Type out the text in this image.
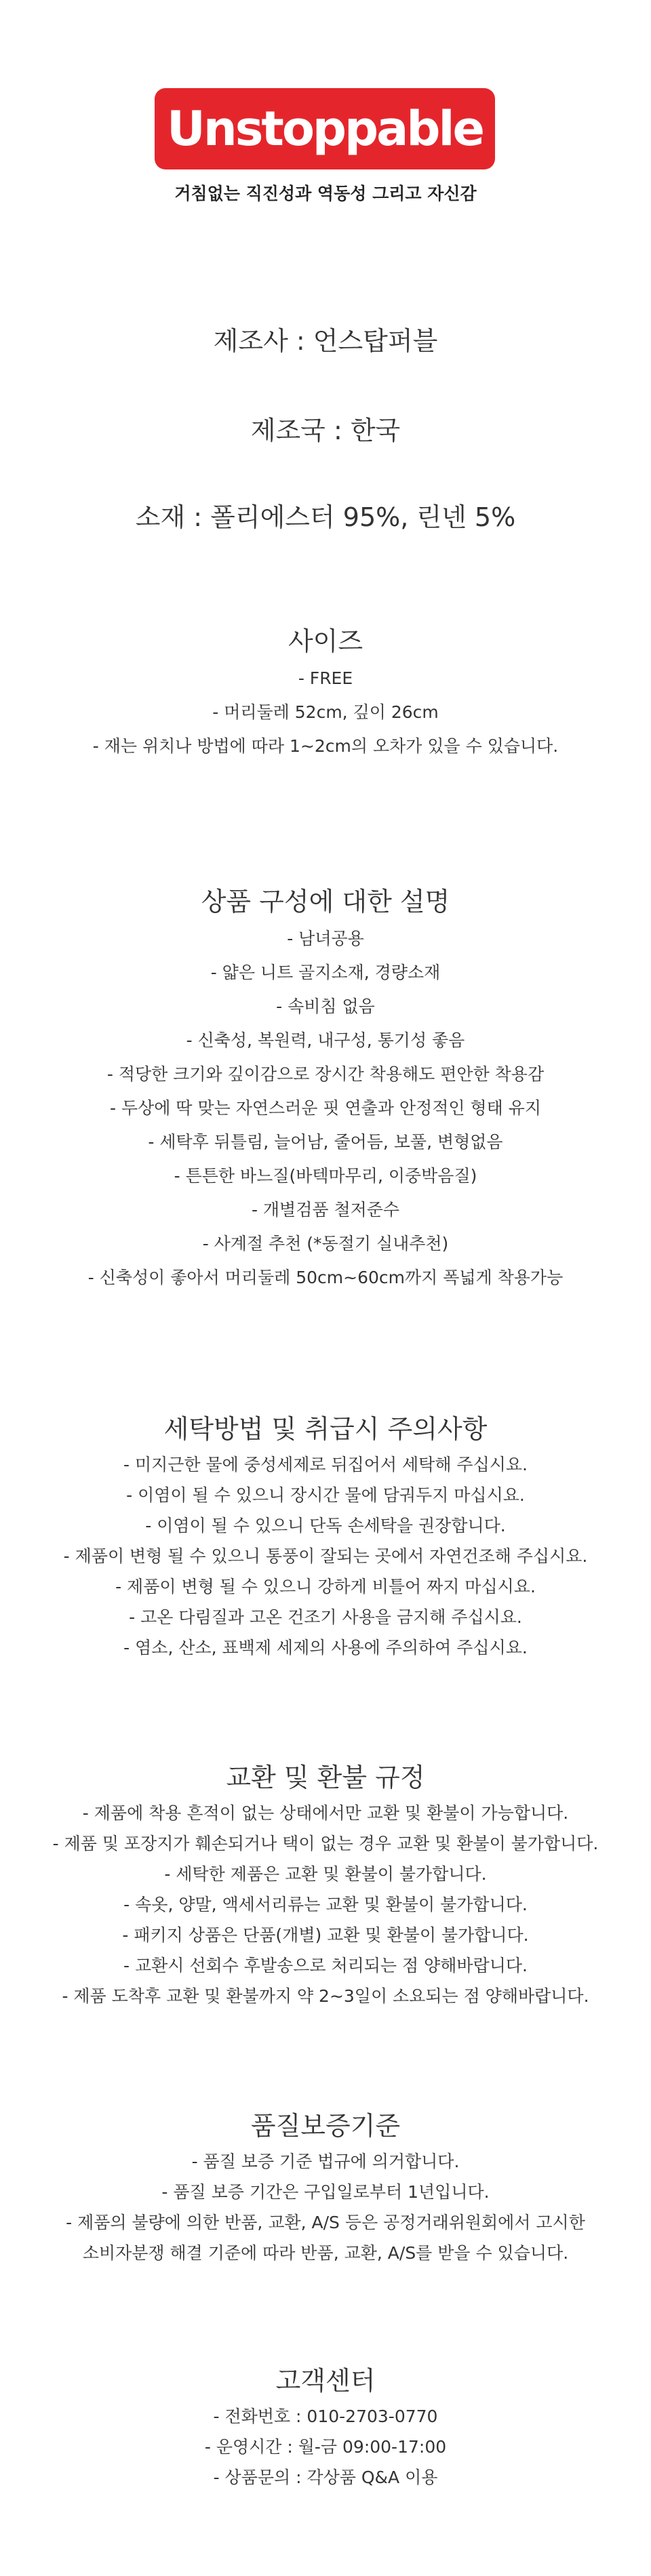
Unstoppable
거침없는 직진성과 역동성 그리고 자신감
제조사 : 언스탑퍼블
제조국 : 한국
소재 : 폴리에스터 95%, 린넨 5%
사이즈
- FREE
- 머리둘레 52cm, 깊이 26cm
- 재는 위치나 방법에 따라 1~2cm의 오차가 있을 수 있습니다.
상품 구성에 대한 설명
- 남녀공용
- 얇은 니트 골지소재, 경량소재
- 속비침 없음
- 신축성, 복원력, 내구성, 통기성 좋음
- 적당한 크기와 깊이감으로 장시간 착용해도 편안한 착용감
- 두상에 딱 맞는 자연스러운 핏 연출과 안정적인 형태 유지
- 세탁후 뒤틀림, 늘어남, 줄어듬, 보풀, 변형없음
- 튼튼한 바느질(바텍마무리, 이중박음질)
- 개별검품 철저준수
- 사계절 추천 (*동절기 실내추천)
- 신축성이 좋아서 머리둘레 50cm~60cm까지 폭넓게 착용가능
세탁방법 및 취급시 주의사항
- 미지근한 물에 중성세제로 뒤집어서 세탁해 주십시요.
- 이염이 될 수 있으니 장시간 물에 담궈두지 마십시요.
- 이염이 될 수 있으니 단독 손세탁을 권장합니다.
- 제품이 변형 될 수 있으니 통풍이 잘되는 곳에서 자연건조해 주십시요.
- 제품이 변형 될 수 있으니 강하게 비틀어 짜지 마십시요.
- 고온 다림질과 고온 건조기 사용을 금지해 주십시요.
- 염소, 산소, 표백제 세제의 사용에 주의하여 주십시요.
교환 및 환불 규정
- 제품에 착용 흔적이 없는 상태에서만 교환 및 환불이 가능합니다.
- 제품 및 포장지가 훼손되거나 택이 없는 경우 교환 및 환불이 불가합니다.
- 세탁한 제품은 교환 및 환불이 불가합니다.
- 속옷, 양말, 액세서리류는 교환 및 환불이 불가합니다.
- 패키지 상품은 단품(개별) 교환 및 환불이 불가합니다.
- 교환시 선회수 후발송으로 처리되는 점 양해바랍니다.
- 제품 도착후 교환 및 환불까지 약 2~3일이 소요되는 점 양해바랍니다.
품질보증기준
- 품질 보증 기준 법규에 의거합니다.
- 품질 보증 기간은 구입일로부터 1년입니다.
- 제품의 불량에 의한 반품, 교환, A/S 등은 공정거래위원회에서 고시한
소비자분쟁 해결 기준에 따라 반품, 교환, A/S를 받을 수 있습니다.
고객센터
- 전화번호 : 010-2703-0770
- 운영시간 : 월-금 09:00-17:00
- 상품문의 : 각상품 Q&A 이용
